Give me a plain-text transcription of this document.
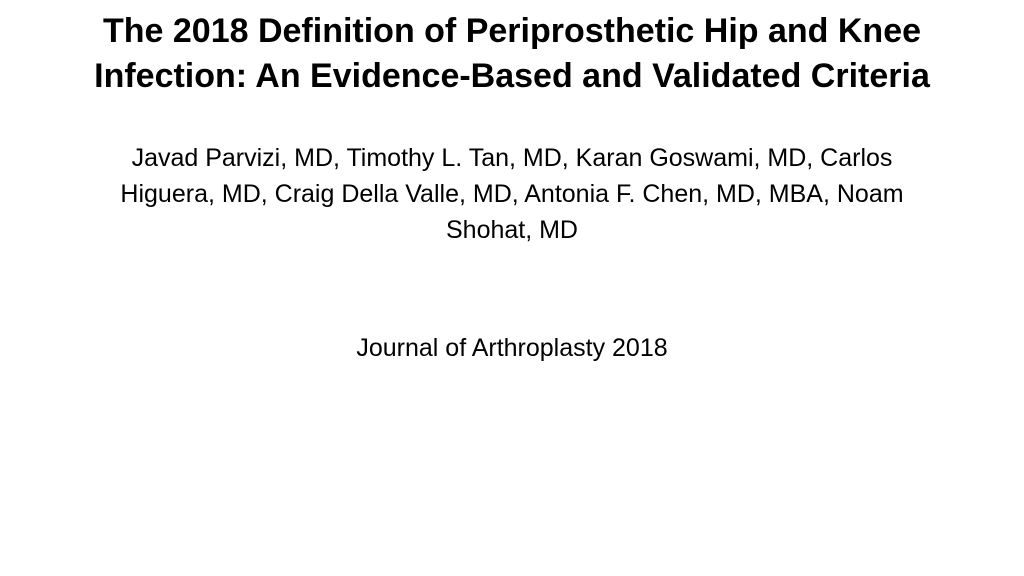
The 2018 Definition of Periprosthetic Hip and Knee
Infection: An Evidence-Based and Validated Criteria

Javad Parvizi, MD, Timothy L. Tan, MD, Karan Goswami, MD, Carlos
Higuera, MD, Craig Della Valle, MD, Antonia F. Chen, MD, MBA, Noam
Shohat, MD

Journal of Arthroplasty 2018
